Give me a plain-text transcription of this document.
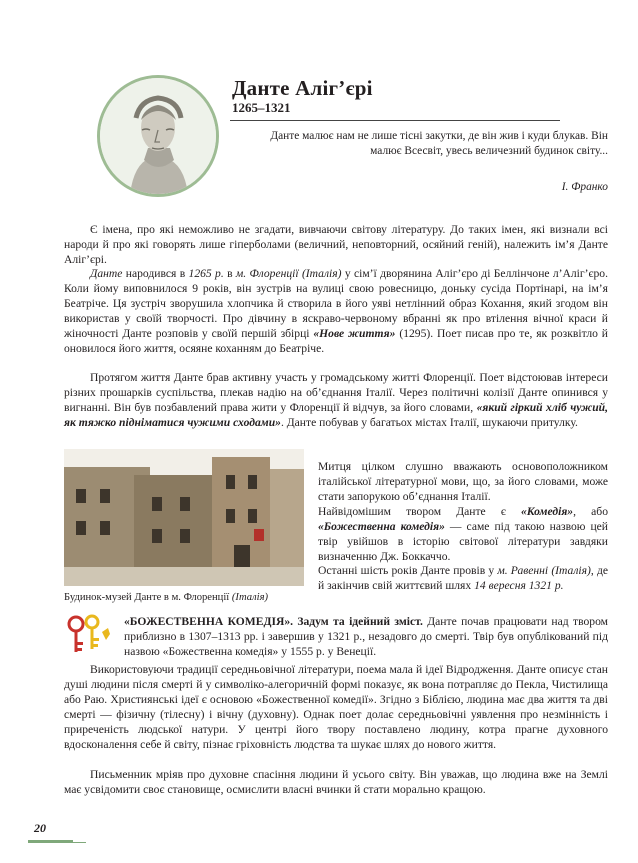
Данте Аліг’єрі
1265–1321
Данте малює нам не лише тісні закутки, де він жив і куди блукав. Він малює Всесвіт, увесь величезний будинок світу...
І. Франко

Є імена, про які неможливо не згадати, вивчаючи світову літературу. До таких імен, які визнали всі народи й про які говорять лише гіперболами (величний, неповторний, осяйний геній), належить ім’я Данте Аліг’єрі.

Данте народився в 1265 р. в м. Флоренції (Італія) у сім’ї дворянина Аліг’єро ді Беллінчоне л’Аліг’єро. Коли йому виповнилося 9 років, він зустрів на вулиці свою ровесницю, доньку сусіда Портінарі, на ім’я Беатріче. Ця зустріч зворушила хлопчика й створила в його уяві нетлінний образ Кохання, який згодом він використав у своїй творчості. Про дівчину в яскраво-червоному вбранні як про втілення вічної краси й жіночності Данте розповів у своїй першій збірці «Нове життя» (1295). Поет писав про те, як розквітло й оновилося його життя, осяяне коханням до Беатріче.

Протягом життя Данте брав активну участь у громадському житті Флоренції. Поет відстоював інтереси різних прошарків суспільства, плекав надію на об’єднання Італії. Через політичні колізії Данте опинився у вигнанні. Він був позбавлений права жити у Флоренції й відчув, за його словами, «який гіркий хліб чужий, як тяжко підніматися чужими сходами». Данте побував у багатьох містах Італії, шукаючи притулку.

Будинок-музей Данте в м. Флоренції (Італія)

Митця цілком слушно вважають основоположником італійської літературної мови, що, за його словами, може стати запорукою об’єднання Італії.

Найвідомішим твором Данте є «Комедія», або «Божественна комедія» — саме під такою назвою цей твір увійшов в історію світової літератури завдяки визначенню Дж. Боккаччо.

Останні шість років Данте провів у м. Равенні (Італія), де й закінчив свій життєвий шлях 14 вересня 1321 р.

«БОЖЕСТВЕННА КОМЕДІЯ». Задум та ідейний зміст. Данте почав працювати над твором приблизно в 1307–1313 рр. і завершив у 1321 р., незадовго до смерті. Твір був опублікований під назвою «Божественна комедія» у 1555 р. у Венеції.

Використовуючи традиції середньовічної літератури, поема мала й ідеї Відродження. Данте описує стан душі людини після смерті й у символіко-алегоричній формі показує, як вона потрапляє до Пекла, Чистилища або Раю. Християнські ідеї є основою «Божественної комедії». Згідно з Біблією, людина має два життя та дві смерті — фізичну (тілесну) і вічну (духовну). Однак поет долає середньовічні уявлення про незмінність і приреченість людської натури. У центрі його твору поставлено людину, котра прагне духовного вдосконалення себе й світу, пізнає гріховність людства та шукає шлях до нового життя.

Письменник мріяв про духовне спасіння людини й усього світу. Він уважав, що людина вже на Землі має усвідомити своє становище, осмислити власні вчинки й стати морально кращою.

20
